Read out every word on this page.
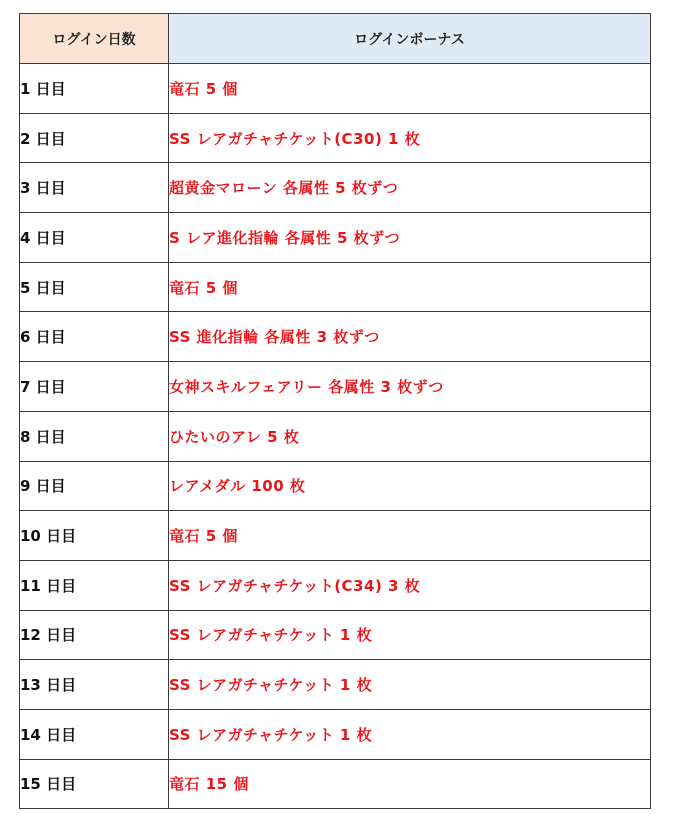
ログイン日数	ログインボーナス
1 日目	竜石 5 個
2 日目	SS レアガチャチケット(C30) 1 枚
3 日目	超黄金マローン 各属性 5 枚ずつ
4 日目	S レア進化指輪 各属性 5 枚ずつ
5 日目	竜石 5 個
6 日目	SS 進化指輪 各属性 3 枚ずつ
7 日目	女神スキルフェアリー 各属性 3 枚ずつ
8 日目	ひたいのアレ 5 枚
9 日目	レアメダル 100 枚
10 日目	竜石 5 個
11 日目	SS レアガチャチケット(C34) 3 枚
12 日目	SS レアガチャチケット 1 枚
13 日目	SS レアガチャチケット 1 枚
14 日目	SS レアガチャチケット 1 枚
15 日目	竜石 15 個
